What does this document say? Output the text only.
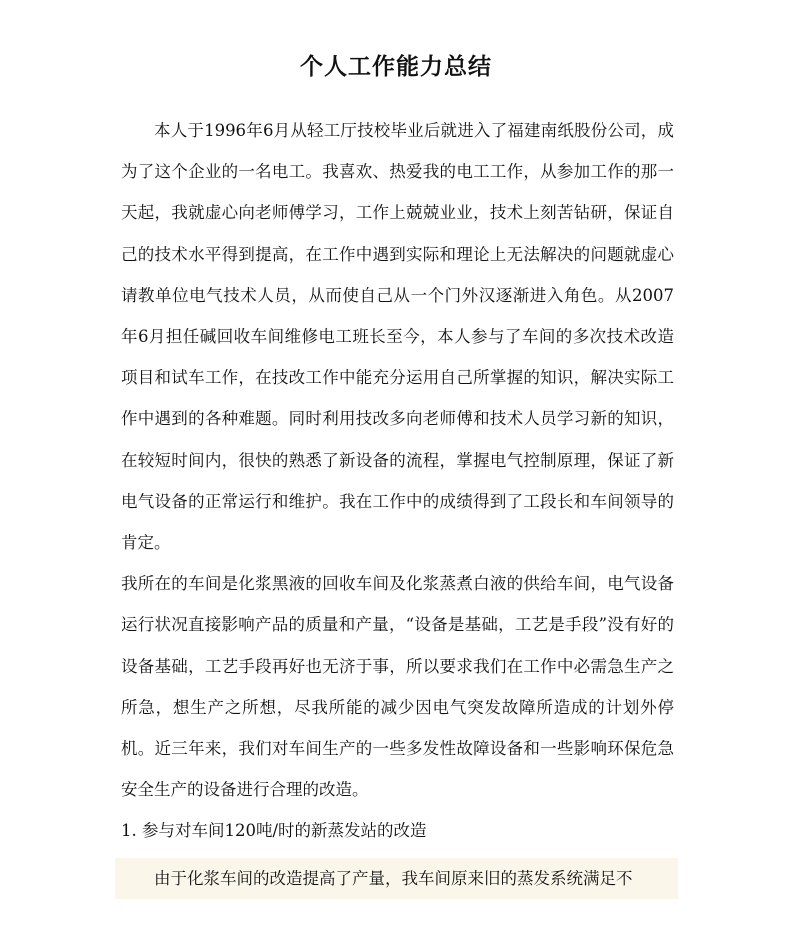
个人工作能力总结

本人于1996年6月从轻工厅技校毕业后就进入了福建南纸股份公司，成为了这个企业的一名电工。我喜欢、热爱我的电工工作，从参加工作的那一天起，我就虚心向老师傅学习，工作上兢兢业业，技术上刻苦钻研，保证自己的技术水平得到提高，在工作中遇到实际和理论上无法解决的问题就虚心请教单位电气技术人员，从而使自己从一个门外汉逐渐进入角色。从2007年6月担任碱回收车间维修电工班长至今，本人参与了车间的多次技术改造项目和试车工作，在技改工作中能充分运用自己所掌握的知识，解决实际工作中遇到的各种难题。同时利用技改多向老师傅和技术人员学习新的知识，在较短时间内，很快的熟悉了新设备的流程，掌握电气控制原理，保证了新电气设备的正常运行和维护。我在工作中的成绩得到了工段长和车间领导的肯定。

我所在的车间是化浆黑液的回收车间及化浆蒸煮白液的供给车间，电气设备运行状况直接影响产品的质量和产量，“设备是基础，工艺是手段”没有好的设备基础，工艺手段再好也无济于事，所以要求我们在工作中必需急生产之所急，想生产之所想，尽我所能的减少因电气突发故障所造成的计划外停机。近三年来，我们对车间生产的一些多发性故障设备和一些影响环保危急安全生产的设备进行合理的改造。

1. 参与对车间120吨/时的新蒸发站的改造

由于化浆车间的改造提高了产量，我车间原来旧的蒸发系统满足不
